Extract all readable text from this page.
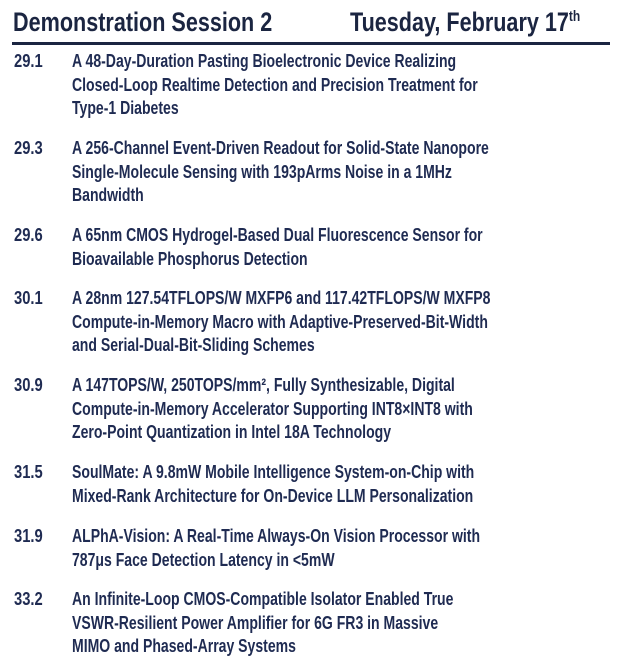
Demonstration Session 2	Tuesday, February 17th
29.1 A 48-Day-Duration Pasting Bioelectronic Device Realizing
Closed-Loop Realtime Detection and Precision Treatment for
Type-1 Diabetes
29.3 A 256-Channel Event-Driven Readout for Solid-State Nanopore
Single-Molecule Sensing with 193pArms Noise in a 1MHz
Bandwidth
29.6 A 65nm CMOS Hydrogel-Based Dual Fluorescence Sensor for
Bioavailable Phosphorus Detection
30.1 A 28nm 127.54TFLOPS/W MXFP6 and 117.42TFLOPS/W MXFP8
Compute-in-Memory Macro with Adaptive-Preserved-Bit-Width
and Serial-Dual-Bit-Sliding Schemes
30.9 A 147TOPS/W, 250TOPS/mm², Fully Synthesizable, Digital
Compute-in-Memory Accelerator Supporting INT8×INT8 with
Zero-Point Quantization in Intel 18A Technology
31.5 SoulMate: A 9.8mW Mobile Intelligence System-on-Chip with
Mixed-Rank Architecture for On-Device LLM Personalization
31.9 ALPhA-Vision: A Real-Time Always-On Vision Processor with
787μs Face Detection Latency in <5mW
33.2 An Infinite-Loop CMOS-Compatible Isolator Enabled True
VSWR-Resilient Power Amplifier for 6G FR3 in Massive
MIMO and Phased-Array Systems
